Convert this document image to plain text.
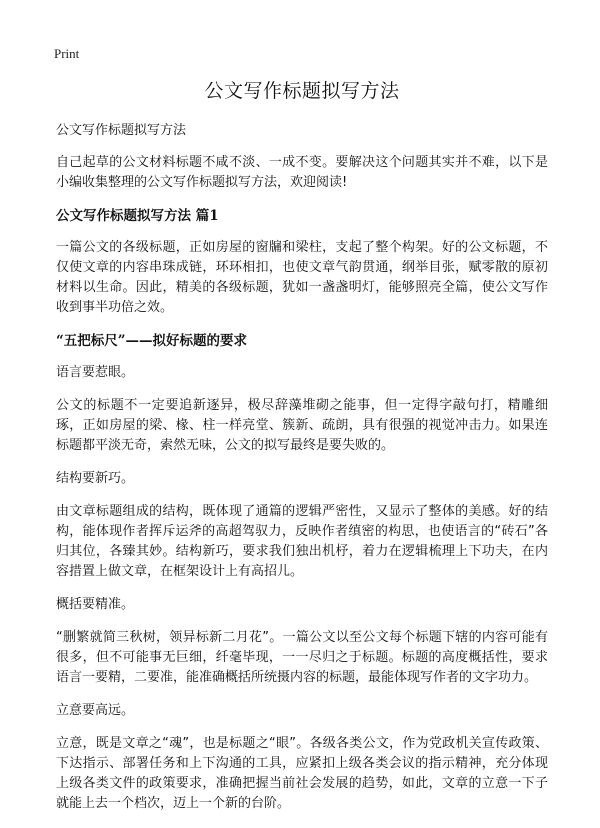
Print
公文写作标题拟写方法

公文写作标题拟写方法

自己起草的公文材料标题不咸不淡、一成不变。要解决这个问题其实并不难，以下是小编收集整理的公文写作标题拟写方法，欢迎阅读!

公文写作标题拟写方法 篇1

一篇公文的各级标题，正如房屋的窗牖和梁柱，支起了整个构架。好的公文标题，不仅使文章的内容串珠成链，环环相扣，也使文章气韵贯通，纲举目张，赋零散的原初材料以生命。因此，精美的各级标题，犹如一盏盏明灯，能够照亮全篇，使公文写作收到事半功倍之效。

“五把标尺”——拟好标题的要求

语言要惹眼。

公文的标题不一定要追新逐异，极尽辞藻堆砌之能事，但一定得字敲句打，精雕细琢，正如房屋的梁、椽、柱一样亮堂、簇新、疏朗，具有很强的视觉冲击力。如果连标题都平淡无奇，索然无味，公文的拟写最终是要失败的。

结构要新巧。

由文章标题组成的结构，既体现了通篇的逻辑严密性，又显示了整体的美感。好的结构，能体现作者挥斥运斧的高超驾驭力，反映作者缜密的构思，也使语言的“砖石”各归其位，各臻其妙。结构新巧，要求我们独出机杼，着力在逻辑梳理上下功夫，在内容措置上做文章，在框架设计上有高招儿。

概括要精准。

“删繁就简三秋树，领异标新二月花”。一篇公文以至公文每个标题下辖的内容可能有很多，但不可能事无巨细，纤毫毕现，一一尽归之于标题。标题的高度概括性，要求语言一要精，二要准，能准确概括所统摄内容的标题，最能体现写作者的文字功力。

立意要高远。

立意，既是文章之“魂”，也是标题之“眼”。各级各类公文，作为党政机关宣传政策、下达指示、部署任务和上下沟通的工具，应紧扣上级各类会议的指示精神，充分体现上级各类文件的政策要求，准确把握当前社会发展的趋势，如此，文章的立意一下子就能上去一个档次，迈上一个新的台阶。
